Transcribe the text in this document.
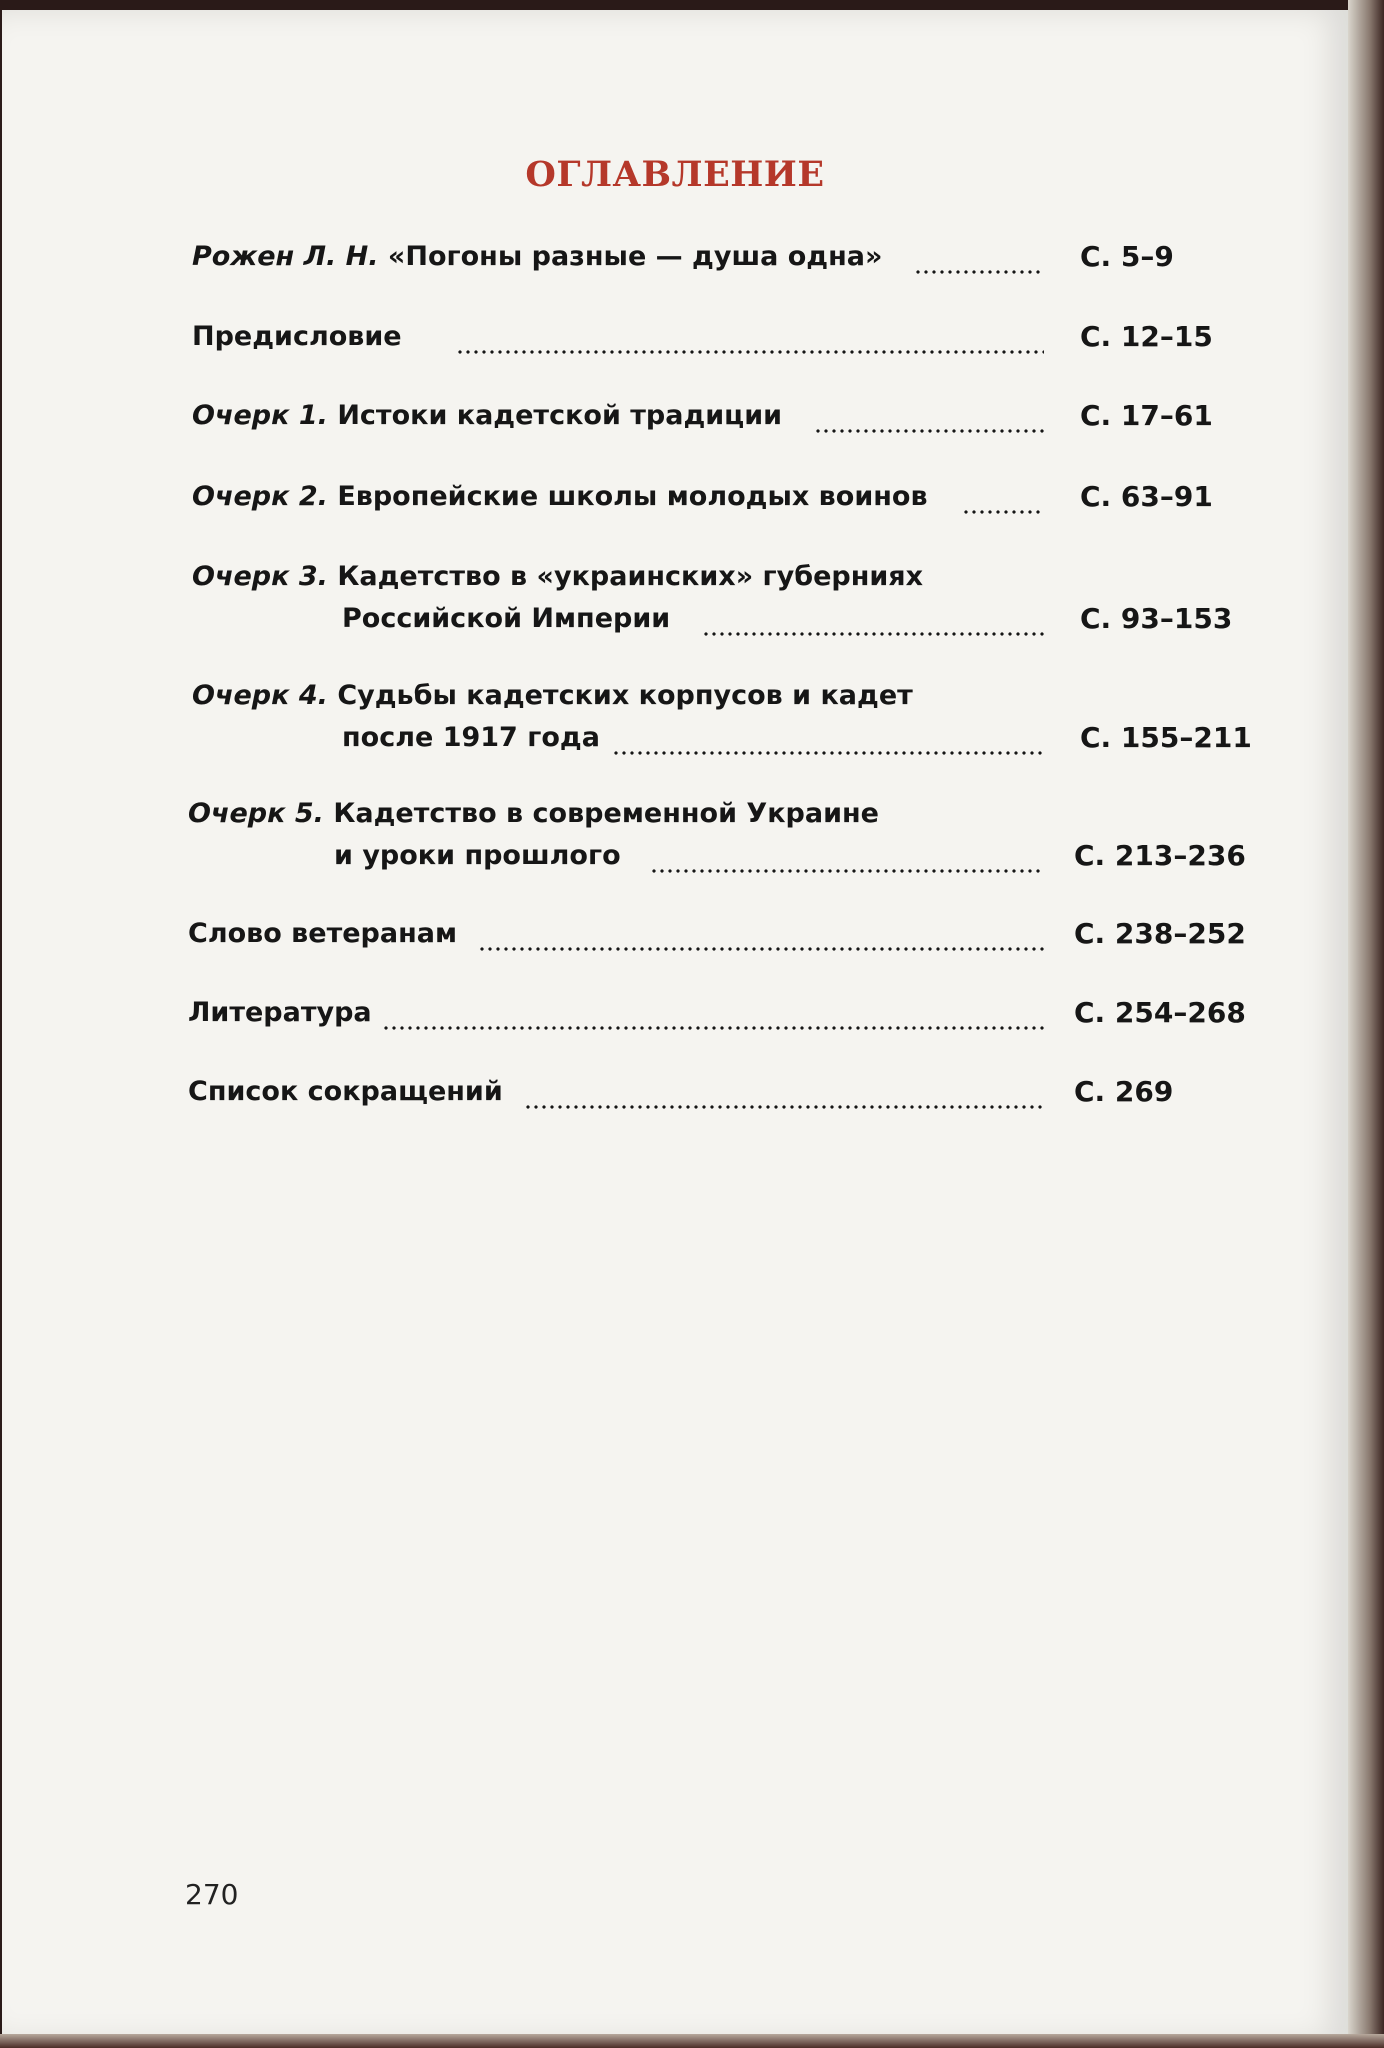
ОГЛАВЛЕНИЕ
Рожен Л. Н. «Погоны разные — душа одна»	С. 5–9
Предисловие	С. 12–15
Очерк 1. Истоки кадетской традиции	С. 17–61
Очерк 2. Европейские школы молодых воинов	С. 63–91
Очерк 3. Кадетство в «украинских» губерниях
Российской Империи	С. 93–153
Очерк 4. Судьбы кадетских корпусов и кадет
после 1917 года	С. 155–211
Очерк 5. Кадетство в современной Украине
и уроки прошлого	С. 213–236
Слово ветеранам	С. 238–252
Литература	С. 254–268
Список сокращений	С. 269
270
